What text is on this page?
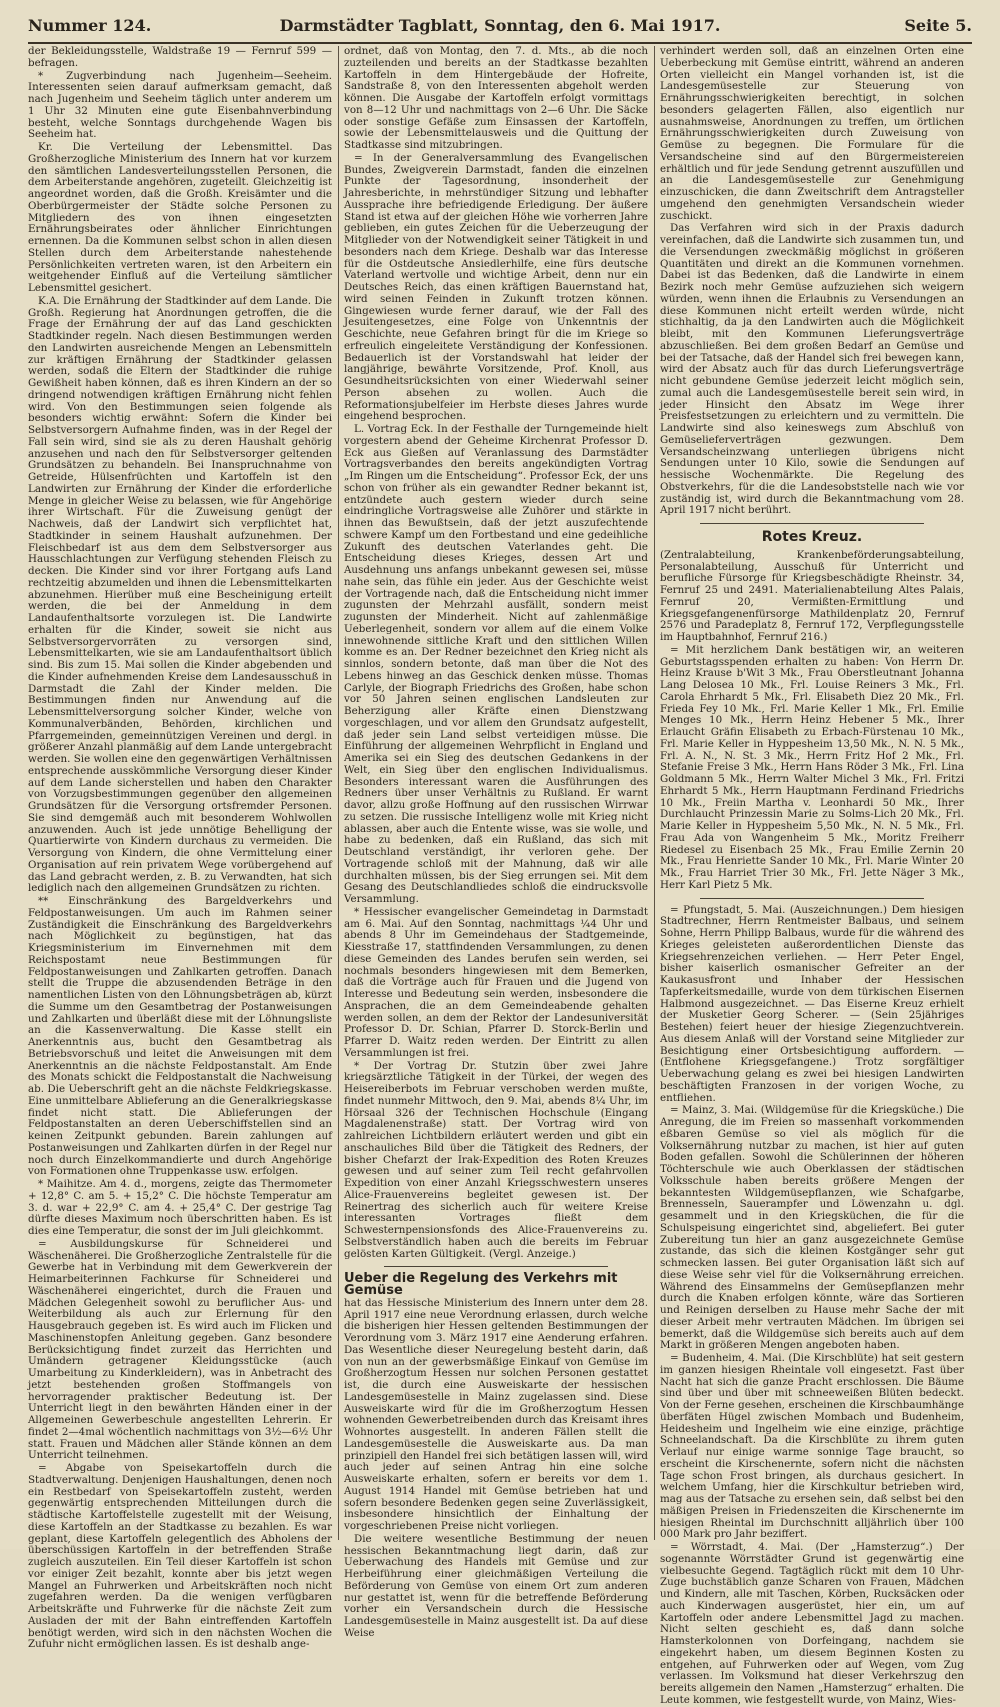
Nummer 124.	Darmstädter Tagblatt, Sonntag, den 6. Mai 1917.	Seite 5.

der Bekleidungsstelle, Waldstraße 19 — Fernruf 599 — befragen.

* Zugverbindung nach Jugenheim—Seeheim. Interessenten seien darauf aufmerksam gemacht, daß nach Jugenheim und Seeheim täglich unter anderem um 1 Uhr 32 Minuten eine gute Eisenbahnverbindung besteht, welche Sonntags durchgehende Wagen bis Seeheim hat.

Kr. Die Verteilung der Lebensmittel. Das Großherzogliche Ministerium des Innern hat vor kurzem den sämtlichen Landesverteilungsstellen Personen, die dem Arbeiterstande angehören, zugeteilt. Gleichzeitig ist angeordnet worden, daß die Großh. Kreisämter und die Oberbürgermeister der Städte solche Personen zu Mitgliedern des von ihnen eingesetzten Ernährungsbeirates oder ähnlicher Einrichtungen ernennen. Da die Kommunen selbst schon in allen diesen Stellen durch dem Arbeiterstande nahestehende Persönlichkeiten vertreten waren, ist den Arbeitern ein weitgehender Einfluß auf die Verteilung sämtlicher Lebensmittel gesichert.

K.A. Die Ernährung der Stadtkinder auf dem Lande. Die Großh. Regierung hat Anordnungen getroffen, die die Frage der Ernährung der auf das Land geschickten Stadtkinder regeln. Nach diesen Bestimmungen werden den Landwirten ausreichende Mengen an Lebensmitteln zur kräftigen Ernährung der Stadtkinder gelassen werden, sodaß die Eltern der Stadtkinder die ruhige Gewißheit haben können, daß es ihren Kindern an der so dringend notwendigen kräftigen Ernährung nicht fehlen wird. Von den Bestimmungen seien folgende als besonders wichtig erwähnt: Sofern die Kinder bei Selbstversorgern Aufnahme finden, was in der Regel der Fall sein wird, sind sie als zu deren Haushalt gehörig anzusehen und nach den für Selbstversorger geltenden Grundsätzen zu behandeln. Bei Inanspruchnahme von Getreide, Hülsenfrüchten und Kartoffeln ist den Landwirten zur Ernährung der Kinder die erforderliche Menge in gleicher Weise zu belassen, wie für Angehörige ihrer Wirtschaft. Für die Zuweisung genügt der Nachweis, daß der Landwirt sich verpflichtet hat, Stadtkinder in seinem Haushalt aufzunehmen. Der Fleischbedarf ist aus dem dem Selbstversorger aus Hausschlachtungen zur Verfügung stehenden Fleisch zu decken. Die Kinder sind vor ihrer Fortgang aufs Land rechtzeitig abzumelden und ihnen die Lebensmittelkarten abzunehmen. Hierüber muß eine Bescheinigung erteilt werden, die bei der Anmeldung in dem Landaufenthaltsorte vorzulegen ist. Die Landwirte erhalten für die Kinder, soweit sie nicht aus Selbstversorgervorräten zu versorgen sind, Lebensmittelkarten, wie sie am Landaufenthaltsort üblich sind. Bis zum 15. Mai sollen die Kinder abgebenden und die Kinder aufnehmenden Kreise dem Landesausschuß in Darmstadt die Zahl der Kinder melden. Die Bestimmungen finden nur Anwendung auf die Lebensmittelversorgung solcher Kinder, welche von Kommunalverbänden, Behörden, kirchlichen und Pfarrgemeinden, gemeinnützigen Vereinen und dergl. in größerer Anzahl planmäßig auf dem Lande untergebracht werden. Sie wollen eine den gegenwärtigen Verhältnissen entsprechende ausskömmliche Versorgung dieser Kinder auf dem Lande sicherstellen und haben den Charakter von Vorzugsbestimmungen gegenüber den allgemeinen Grundsätzen für die Versorgung ortsfremder Personen. Sie sind demgemäß auch mit besonderem Wohlwollen anzuwenden. Auch ist jede unnötige Behelligung der Quartierwirte von Kindern durchaus zu vermeiden. Die Versorgung von Kindern, die ohne Vermittelung einer Organisation auf rein privatem Wege vorübergehend auf das Land gebracht werden, z. B. zu Verwandten, hat sich lediglich nach den allgemeinen Grundsätzen zu richten.

** Einschränkung des Bargeldverkehrs und Feldpostanweisungen. Um auch im Rahmen seiner Zuständigkeit die Einschränkung des Bargeldverkehrs nach Möglichkeit zu begünstigen, hat das Kriegsministerium im Einvernehmen mit dem Reichspostamt neue Bestimmungen für Feldpostanweisungen und Zahlkarten getroffen. Danach stellt die Truppe die abzusendenden Beträge in den namentlichen Listen von den Löhnungsbeträgen ab, kürzt die Summe um den Gesamtbetrag der Postanweisungen und Zahlkarten und überläßt diese mit der Löhnungsliste an die Kassenverwaltung. Die Kasse stellt ein Anerkenntnis aus, bucht den Gesamtbetrag als Betriebsvorschuß und leitet die Anweisungen mit dem Anerkenntnis an die nächste Feldpostanstalt. Am Ende des Monats schickt die Feldpostanstalt die Nachweisung ab. Die Ueberschrift geht an die nächste Feldkriegskasse. Eine unmittelbare Ablieferung an die Generalkriegskasse findet nicht statt. Die Ablieferungen der Feldpostanstalten an deren Ueberschiffstellen sind an keinen Zeitpunkt gebunden. Barein zahlungen auf Postanweisungen und Zahlkarten dürfen in der Regel nur noch durch Einzelkommandierte und durch Angehörige von Formationen ohne Truppenkasse usw. erfolgen.

* Maihitze. Am 4. d., morgens, zeigte das Thermometer + 12,8° C. am 5. + 15,2° C. Die höchste Temperatur am 3. d. war + 22,9° C. am 4. + 25,4° C. Der gestrige Tag dürfte dieses Maximum noch überschritten haben. Es ist dies eine Temperatur, die sonst der im Juli gleichkommt.

= Ausbildungskurse für Schneiderei und Wäschenäherei. Die Großherzogliche Zentralstelle für die Gewerbe hat in Verbindung mit dem Gewerkverein der Heimarbeiterinnen Fachkurse für Schneiderei und Wäschenäherei eingerichtet, durch die Frauen und Mädchen Gelegenheit sowohl zu beruflicher Aus- und Weiterbildung als auch zur Erlernung für den Hausgebrauch gegeben ist. Es wird auch im Flicken und Maschinenstopfen Anleitung gegeben. Ganz besondere Berücksichtigung findet zurzeit das Herrichten und Umändern getragener Kleidungsstücke (auch Umarbeitung zu Kinderkleidern), was in Anbetracht des jetzt bestehenden großen Stoffmangels von hervorragender praktischer Bedeutung ist. Der Unterricht liegt in den bewährten Händen einer in der Allgemeinen Gewerbeschule angestellten Lehrerin. Er findet 2—4mal wöchentlich nachmittags von 3½—6½ Uhr statt. Frauen und Mädchen aller Stände können an dem Unterricht teilnehmen.

= Abgabe von Speisekartoffeln durch die Stadtverwaltung. Denjenigen Haushaltungen, denen noch ein Restbedarf von Speisekartoffeln zusteht, werden gegenwärtig entsprechenden Mitteilungen durch die städtische Kartoffelstelle zugestellt mit der Weisung, diese Kartoffeln an der Stadtkasse zu bezahlen. Es war geplant, diese Kartoffeln gelegentlich des Abholens der überschüssigen Kartoffeln in der betreffenden Straße zugleich auszuteilen. Ein Teil dieser Kartoffeln ist schon vor einiger Zeit bezahlt, konnte aber bis jetzt wegen Mangel an Fuhrwerken und Arbeitskräften noch nicht zugefahren werden. Da die wenigen verfügbaren Arbeitskräfte und Fuhrwerke für die nächste Zeit zum Ausladen der mit der Bahn eintreffenden Kartoffeln benötigt werden, wird sich in den nächsten Wochen die Zufuhr nicht ermöglichen lassen. Es ist deshalb ange-

ordnet, daß von Montag, den 7. d. Mts., ab die noch zuzteilenden und bereits an der Stadtkasse bezahlten Kartoffeln in dem Hintergebäude der Hofreite, Sandstraße 8, von den Interessenten abgeholt werden können. Die Ausgabe der Kartoffeln erfolgt vormittags von 8—12 Uhr und nachmittags von 2—6 Uhr. Die Säcke oder sonstige Gefäße zum Einsassen der Kartoffeln, sowie der Lebensmittelausweis und die Quittung der Stadtkasse sind mitzubringen.

= In der Generalversammlung des Evangelischen Bundes, Zweigverein Darmstadt, fanden die einzelnen Punkte der Tagesordnung, insonderheit der Jahresberichte, in mehrstündiger Sitzung und lebhafter Aussprache ihre befriedigende Erledigung. Der äußere Stand ist etwa auf der gleichen Höhe wie vorherren Jahre geblieben, ein gutes Zeichen für die Ueberzeugung der Mitglieder von der Notwendigkeit seiner Tätigkeit in und besonders nach dem Kriege. Deshalb war das Interesse für die Ostdeutsche Ansiedlerhilfe, eine fürs deutsche Vaterland wertvolle und wichtige Arbeit, denn nur ein Deutsches Reich, das einen kräftigen Bauernstand hat, wird seinen Feinden in Zukunft trotzen können. Gingewiesen wurde ferner darauf, wie der Fall des Jesuitengesetzes, eine Folge von Unkenntnis der Geschichte, neue Gefahren bringt für die im Kriege so erfreulich eingeleitete Verständigung der Konfessionen. Bedauerlich ist der Vorstandswahl hat leider der langjährige, bewährte Vorsitzende, Prof. Knoll, aus Gesundheitsrücksichten von einer Wiederwahl seiner Person absehen zu wollen. Auch die Reformationsjubelfeier im Herbste dieses Jahres wurde eingehend besprochen.

L. Vortrag Eck. In der Festhalle der Turngemeinde hielt vorgestern abend der Geheime Kirchenrat Professor D. Eck aus Gießen auf Veranlassung des Darmstädter Vortragsverbandes den bereits angekündigten Vortrag „Im Ringen um die Entscheidung“. Professor Eck, der uns schon von früher als ein gewandter Redner bekannt ist, entzündete auch gestern wieder durch seine eindringliche Vortragsweise alle Zuhörer und stärkte in ihnen das Bewußtsein, daß der jetzt auszufechtende schwere Kampf um den Fortbestand und eine gedeihliche Zukunft des deutschen Vaterlandes geht. Die Entscheidung dieses Krieges, dessen Art und Ausdehnung uns anfangs unbekannt gewesen sei, müsse nahe sein, das fühle ein jeder. Aus der Geschichte weist der Vortragende nach, daß die Entscheidung nicht immer zugunsten der Mehrzahl ausfällt, sondern meist zugunsten der Minderheit. Nicht auf zahlenmäßige Ueberlegenheit, sondern vor allem auf die einem Volke innewohnende sittliche Kraft und den sittlichen Willen komme es an. Der Redner bezeichnet den Krieg nicht als sinnlos, sondern betonte, daß man über die Not des Lebens hinweg an das Geschick denken müsse. Thomas Carlyle, der Biograph Friedrichs des Großen, habe schon vor 50 Jahren seinen englischen Landsleuten zur Beherzigung aller Kräfte einen Dienstzwang vorgeschlagen, und vor allem den Grundsatz aufgestellt, daß jeder sein Land selbst verteidigen müsse. Die Einführung der allgemeinen Wehrpflicht in England und Amerika sei ein Sieg des deutschen Gedankens in der Welt, ein Sieg über den englischen Individualismus. Besonders interessant waren die Ausführungen des Redners über unser Verhältnis zu Rußland. Er warnt davor, allzu große Hoffnung auf den russischen Wirrwar zu setzen. Die russische Intelligenz wolle mit Krieg nicht ablassen, aber auch die Entente wisse, was sie wolle, und habe zu bedenken, daß ein Rußland, das sich mit Deutschland verständigt, ihr verloren gehe. Der Vortragende schloß mit der Mahnung, daß wir alle durchhalten müssen, bis der Sieg errungen sei. Mit dem Gesang des Deutschlandliedes schloß die eindrucksvolle Versammlung.

* Hessischer evangelischer Gemeindetag in Darmstadt am 6. Mai. Auf den Sonntag, nachmittags ¼4 Uhr und abends 8 Uhr im Gemeindehaus der Stadtgemeinde, Kiesstraße 17, stattfindenden Versammlungen, zu denen diese Gemeinden des Landes berufen sein werden, sei nochmals besonders hingewiesen mit dem Bemerken, daß die Vorträge auch für Frauen und die Jugend von Interesse und Bedeutung sein werden, insbesondere die Ansprachen, die an dem Gemeindeabende gehalten werden sollen, an dem der Rektor der Landesuniversität Professor D. Dr. Schian, Pfarrer D. Storck-Berlin und Pfarrer D. Waitz reden werden. Der Eintritt zu allen Versammlungen ist frei.

* Der Vortrag Dr. Stutzin über zwei Jahre kriegsärztliche Tätigkeit in der Türkei, der wegen des Heisereiberbots im Februar verschoben werden mußte, findet nunmehr Mittwoch, den 9. Mai, abends 8¼ Uhr, im Hörsaal 326 der Technischen Hochschule (Eingang Magdalenenstraße) statt. Der Vortrag wird von zahlreichen Lichtbildern erläutert werden und gibt ein anschauliches Bild über die Tätigkeit des Redners, der bisher Chefarzt der Irak-Expedition des Roten Kreuzes gewesen und auf seiner zum Teil recht gefahrvollen Expedition von einer Anzahl Kriegsschwestern unseres Alice-Frauenvereins begleitet gewesen ist. Der Reinertrag des sicherlich auch für weitere Kreise interessanten Vortrages fließt dem Schwesternpensionsfonds des Alice-Frauenvereins zu. Selbstverständlich haben auch die bereits im Februar gelösten Karten Gültigkeit. (Vergl. Anzeige.)

Ueber die Regelung des Verkehrs mit Gemüse

hat das Hessische Ministerium des Innern unter dem 28. April 1917 eine neue Verordnung erlassen, durch welche die bisherigen hier Hessen geltenden Bestimmungen der Verordnung vom 3. März 1917 eine Aenderung erfahren. Das Wesentliche dieser Neuregelung besteht darin, daß von nun an der gewerbsmäßige Einkauf von Gemüse im Großherzogtum Hessen nur solchen Personen gestattet ist, die durch eine Ausweiskarte der hessischen Landesgemüsestelle in Mainz zugelassen sind. Diese Ausweiskarte wird für die im Großherzogtum Hessen wohnenden Gewerbetreibenden durch das Kreisamt ihres Wohnortes ausgestellt. In anderen Fällen stellt die Landesgemüsestelle die Ausweiskarte aus. Da man prinzipiell den Handel frei sich betätigen lassen will, wird auch jeder auf seinen Antrag hin eine solche Ausweiskarte erhalten, sofern er bereits vor dem 1. August 1914 Handel mit Gemüse betrieben hat und sofern besondere Bedenken gegen seine Zuverlässigkeit, insbesondere hinsichtlich der Einhaltung der vorgeschriebenen Preise nicht vorliegen.

Die weitere wesentliche Bestimmung der neuen hessischen Bekanntmachung liegt darin, daß zur Ueberwachung des Handels mit Gemüse und zur Herbeiführung einer gleichmäßigen Verteilung die Beförderung von Gemüse von einem Ort zum anderen nur gestattet ist, wenn für die betreffende Beförderung vorher ein Versandschein durch die Hessische Landesgemüsestelle in Mainz ausgestellt ist. Da auf diese Weise

verhindert werden soll, daß an einzelnen Orten eine Ueberbeckung mit Gemüse eintritt, während an anderen Orten vielleicht ein Mangel vorhanden ist, ist die Landesgemüsestelle zur Steuerung von Ernährungsschwierigkeiten berechtigt, in solchen besonders gelagerten Fällen, also eigentlich nur ausnahmsweise, Anordnungen zu treffen, um örtlichen Ernährungsschwierigkeiten durch Zuweisung von Gemüse zu begegnen. Die Formulare für die Versandscheine sind auf den Bürgermeistereien erhältlich und für jede Sendung getrennt auszufüllen und an die Landesgemüsestelle zur Genehmigung einzuschicken, die dann Zweitschrift dem Antragsteller umgehend den genehmigten Versandschein wieder zuschickt.

Das Verfahren wird sich in der Praxis dadurch vereinfachen, daß die Landwirte sich zusammen tun, und die Versendungen zweckmäßig möglichst in größeren Quantitäten und direkt an die Kommunen vornehmen. Dabei ist das Bedenken, daß die Landwirte in einem Bezirk noch mehr Gemüse aufzuziehen sich weigern würden, wenn ihnen die Erlaubnis zu Versendungen an diese Kommunen nicht erteilt werden würde, nicht stichhaltig, da ja den Landwirten auch die Möglichkeit bleibt, mit den Kommunen Lieferungsverträge abzuschließen. Bei dem großen Bedarf an Gemüse und bei der Tatsache, daß der Handel sich frei bewegen kann, wird der Absatz auch für das durch Lieferungsverträge nicht gebundene Gemüse jederzeit leicht möglich sein, zumal auch die Landesgemüsestelle bereit sein wird, in jeder Hinsicht den Absatz im Wege ihrer Preisfestsetzungen zu erleichtern und zu vermitteln. Die Landwirte sind also keineswegs zum Abschluß von Gemüselieferverträgen gezwungen. Dem Versandscheinzwang unterliegen übrigens nicht Sendungen unter 10 Kilo, sowie die Sendungen auf hessische Wochenmärkte. Die Regelung des Obstverkehrs, für die die Landesobststelle nach wie vor zuständig ist, wird durch die Bekanntmachung vom 28. April 1917 nicht berührt.

Rotes Kreuz.

(Zentralabteilung, Krankenbeförderungsabteilung, Personalabteilung, Ausschuß für Unterricht und berufliche Fürsorge für Kriegsbeschädigte Rheinstr. 34, Fernruf 25 und 2491. Materialienabteilung Altes Palais, Fernruf 20, Vermißten-Ermittlung und Kriegsgefangenenfürsorge Mathildenplatz 20, Fernruf 2576 und Paradeplatz 8, Fernruf 172, Verpflegungsstelle im Hauptbahnhof, Fernruf 216.)

= Mit herzlichem Dank bestätigen wir, an weiteren Geburtstagsspenden erhalten zu haben: Von Herrn Dr. Heinz Krause b'Wit 3 Mk., Frau Oberstleutnant Johanna Lang Delosea 10 Mk., Frl. Louise Reiners 3 Mk., Frl. Carola Ehrhardt 5 Mk., Frl. Elisabeth Diez 20 Mk., Frl. Frieda Fey 10 Mk., Frl. Marie Keller 1 Mk., Frl. Emilie Menges 10 Mk., Herrn Heinz Hebener 5 Mk., Ihrer Erlaucht Gräfin Elisabeth zu Erbach-Fürstenau 10 Mk., Frl. Marie Keller in Hyppesheim 13,50 Mk., N. N. 5 Mk., Frl. A. N., N. St. 3 Mk., Herrn Fritz Hof 2 Mk., Frl. Stefanie Freise 3 Mk., Herrn Hans Röder 3 Mk., Frl. Lina Goldmann 5 Mk., Herrn Walter Michel 3 Mk., Frl. Fritzi Ehrhardt 5 Mk., Herrn Hauptmann Ferdinand Friedrichs 10 Mk., Freiin Martha v. Leonhardi 50 Mk., Ihrer Durchlaucht Prinzessin Marie zu Solms-Lich 20 Mk., Frl. Marie Keller in Hyppesheim 5,50 Mk., N. N. 5 Mk., Frl. Frau Ada von Wangenheim 5 Mk., Moritz Freiherr Riedesel zu Eisenbach 25 Mk., Frau Emilie Zernin 20 Mk., Frau Henriette Sander 10 Mk., Frl. Marie Winter 20 Mk., Frau Harriet Trier 30 Mk., Frl. Jette Näger 3 Mk., Herr Karl Pietz 5 Mk.

= Pfungstadt, 5. Mai. (Auszeichnungen.) Dem hiesigen Stadtrechner, Herrn Rentmeister Balbaus, und seinem Sohne, Herrn Philipp Balbaus, wurde für die während des Krieges geleisteten außerordentlichen Dienste das Kriegsehrenzeichen verliehen. — Herr Peter Engel, bisher kaiserlich osmanischer Gefreiter an der Kaukasusfront und Inhaber der Hessischen Tapferkeitsmedaille, wurde von dem türkischen Eisernen Halbmond ausgezeichnet. — Das Eiserne Kreuz erhielt der Musketier Georg Scherer. — (Sein 25jähriges Bestehen) feiert heuer der hiesige Ziegenzuchtverein. Aus diesem Anlaß will der Vorstand seine Mitglieder zur Besichtigung einer Ortsbesichtigung auffordern. — (Entflohene Kriegsgefangene.) Trotz sorgfältiger Ueberwachung gelang es zwei bei hiesigen Landwirten beschäftigten Franzosen in der vorigen Woche, zu entfliehen.

= Mainz, 3. Mai. (Wildgemüse für die Kriegsküche.) Die Anregung, die im Freien so massenhaft vorkommenden eßbaren Gemüse so viel als möglich für die Volksernährung nutzbar zu machen, ist hier auf guten Boden gefallen. Sowohl die Schülerinnen der höheren Töchterschule wie auch Oberklassen der städtischen Volksschule haben bereits größere Mengen der bekanntesten Wildgemüsepflanzen, wie Schafgarbe, Brennesseln, Sauerampfer und Löwenzahn u. dgl. gesammelt und in den Kriegsküchen, die für die Schulspeisung eingerichtet sind, abgeliefert. Bei guter Zubereitung tun hier an ganz ausgezeichnete Gemüse zustande, das sich die kleinen Kostgänger sehr gut schmecken lassen. Bei guter Organisation läßt sich auf diese Weise sehr viel für die Volksernährung erreichen. Während des Einsammelns der Gemüsepflanzen mehr durch die Knaben erfolgen könnte, wäre das Sortieren und Reinigen derselben zu Hause mehr Sache der mit dieser Arbeit mehr vertrauten Mädchen. Im übrigen sei bemerkt, daß die Wildgemüse sich bereits auch auf dem Markt in größeren Mengen angeboten haben.

= Budenheim, 4. Mai. (Die Kirschblüte) hat seit gestern im ganzen hiesigen Rheintale voll eingesetzt. Fast über Nacht hat sich die ganze Pracht erschlossen. Die Bäume sind über und über mit schneeweißen Blüten bedeckt. Von der Ferne gesehen, erscheinen die Kirschbaumhänge überfäten Hügel zwischen Mombach und Budenheim, Heidesheim und Ingelheim wie eine einzige, prächtige Schneelandschaft. Da die Kirschblüte zu ihrem guten Verlauf nur einige warme sonnige Tage braucht, so erscheint die Kirschenernte, sofern nicht die nächsten Tage schon Frost bringen, als durchaus gesichert. In welchem Umfang, hier die Kirschkultur betrieben wird, mag aus der Tatsache zu ersehen sein, daß selbst bei den mäßigen Preisen in Friedenszeiten die Kirschenernte im hiesigen Rheintal im Durchschnitt alljährlich über 100 000 Mark pro Jahr beziffert.

= Wörrstadt, 4. Mai. (Der „Hamsterzug“.) Der sogenannte Wörrstädter Grund ist gegenwärtig eine vielbesuchte Gegend. Tagtäglich rückt mit dem 10 Uhr-Zuge buchstäblich ganze Scharen von Frauen, Mädchen und Kindern, alle mit Taschen, Körben, Rucksäcken oder auch Kinderwagen ausgerüstet, hier ein, um auf Kartoffeln oder andere Lebensmittel Jagd zu machen. Nicht selten geschieht es, daß dann solche Hamsterkolonnen von Dorfeingang, nachdem sie eingekehrt haben, um diesem Beginnen Kosten zu entgehen, auf Fuhrwerken oder auf Wegen, vom Zug verlassen. Im Volksmund hat dieser Verkehrszug den bereits allgemein den Namen „Hamsterzug“ erhalten. Die Leute kommen, wie festgestellt wurde, von Mainz, Wies-
